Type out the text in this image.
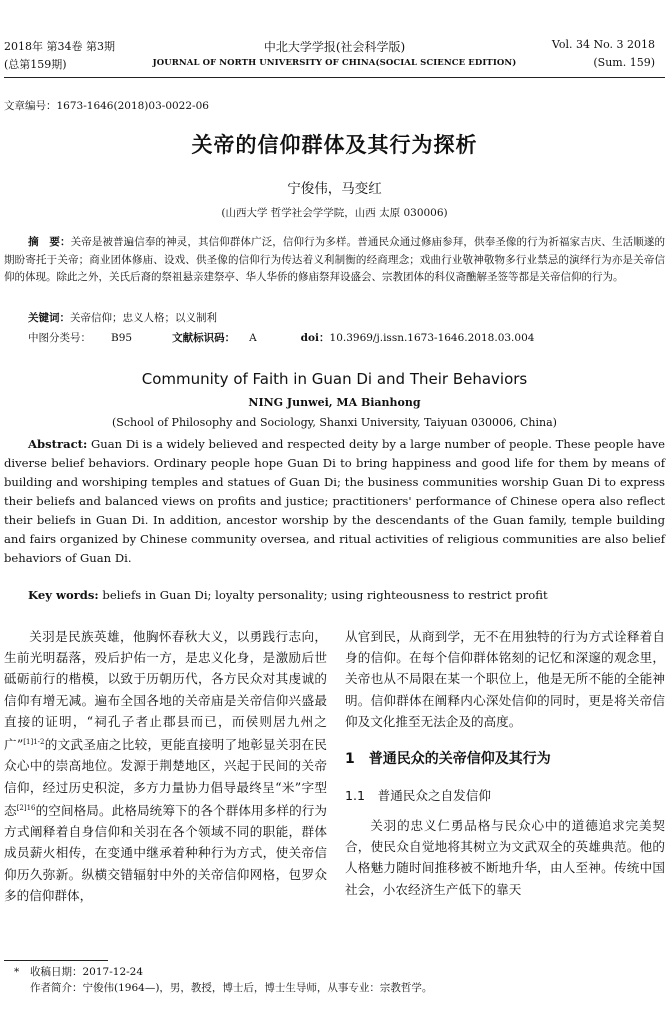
2018年 第34卷 第3期
(总第159期)
中北大学学报(社会科学版)
JOURNAL OF NORTH UNIVERSITY OF CHINA(SOCIAL SCIENCE EDITION)
Vol. 34 No. 3 2018
(Sum. 159)
文章编号：1673-1646(2018)03-0022-06
关帝的信仰群体及其行为探析
宁俊伟，马变红
(山西大学 哲学社会学学院，山西 太原 030006)
摘　要：关帝是被普遍信奉的神灵，其信仰群体广泛，信仰行为多样。普通民众通过修庙参拜，供奉圣像的行为祈福家吉庆、生活顺遂的期盼寄托于关帝；商业团体修庙、设戏、供圣像的信仰行为传达着义利制衡的经商理念；戏曲行业敬神敬物多行业禁忌的演绎行为亦是关帝信仰的体现。除此之外，关氏后裔的祭祖悬亲建祭亭、华人华侨的修庙祭拜设盛会、宗教团体的科仪斋醮解圣签等都是关帝信仰的行为。
关键词：关帝信仰；忠义人格；以义制利
中图分类号： B95	文献标识码： A	doi：10.3969/j.issn.1673-1646.2018.03.004
Community of Faith in Guan Di and Their Behaviors
NING Junwei, MA Bianhong
(School of Philosophy and Sociology, Shanxi University, Taiyuan 030006, China)
Abstract: Guan Di is a widely believed and respected deity by a large number of people. These people have diverse belief behaviors. Ordinary people hope Guan Di to bring happiness and good life for them by means of building and worshiping temples and statues of Guan Di; the business communities worship Guan Di to express their beliefs and balanced views on profits and justice; practitioners' performance of Chinese opera also reflect their beliefs in Guan Di. In addition, ancestor worship by the descendants of the Guan family, temple building and fairs organized by Chinese community oversea, and ritual activities of religious communities are also belief behaviors of Guan Di.
Key words: beliefs in Guan Di; loyalty personality; using righteousness to restrict profit

关羽是民族英雄，他胸怀春秋大义，以勇践行志向，生前光明磊落，殁后护佑一方，是忠义化身，是激励后世砥砺前行的楷模，以致于历朝历代，各方民众对其虔诚的信仰有增无减。遍布全国各地的关帝庙是关帝信仰兴盛最直接的证明，“祠孔子者止郡县而已，而侯则居九州之广”$^{[1]1-2}$的文武圣庙之比较，更能直接明了地彰显关羽在民众心中的崇高地位。发源于荆楚地区，兴起于民间的关帝信仰，经过历史积淀，多方力量协力倡导最终呈“米”字型态$^{[2]16}$的空间格局。此格局统筹下的各个群体用多样的行为方式阐释着自身信仰和关羽在各个领域不同的职能，群体成员薪火相传，在变通中继承着种种行为方式，使关帝信仰历久弥新。纵横交错辐射中外的关帝信仰网格，包罗众多的信仰群体，

从官到民，从商到学，无不在用独特的行为方式诠释着自身的信仰。在每个信仰群体铭刻的记忆和深邃的观念里，关帝也从不局限在某一个职位上，他是无所不能的全能神明。信仰群体在阐释内心深处信仰的同时，更是将关帝信仰及文化推至无法企及的高度。

1　普通民众的关帝信仰及其行为
1.1　普通民众之自发信仰

关羽的忠义仁勇品格与民众心中的道德追求完美契合，使民众自觉地将其树立为文武双全的英雄典范。他的人格魅力随时间推移被不断地升华，由人至神。传统中国社会，小农经济生产低下的靠天

* 收稿日期：2017-12-24
作者简介：宁俊伟(1964—)，男，教授，博士后，博士生导师，从事专业：宗教哲学。
